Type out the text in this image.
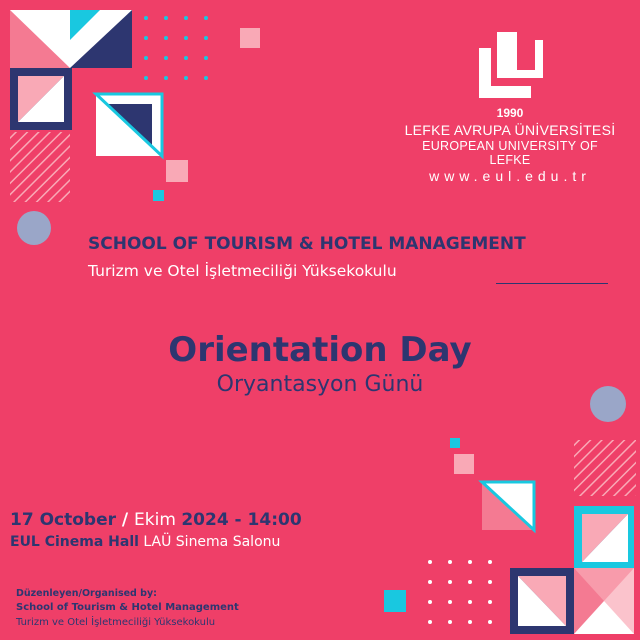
1990
LEFKE AVRUPA ÜNİVERSİTESİ
EUROPEAN UNIVERSITY OF LEFKE
www.eul.edu.tr
SCHOOL OF TOURISM & HOTEL MANAGEMENT
Turizm ve Otel İşletmeciliği Yüksekokulu
Orientation Day
Oryantasyon Günü
17 October / Ekim 2024 - 14:00
EUL Cinema Hall LAÜ Sinema Salonu
Düzenleyen/Organised by:
School of Tourism & Hotel Management
Turizm ve Otel İşletmeciliği Yüksekokulu
